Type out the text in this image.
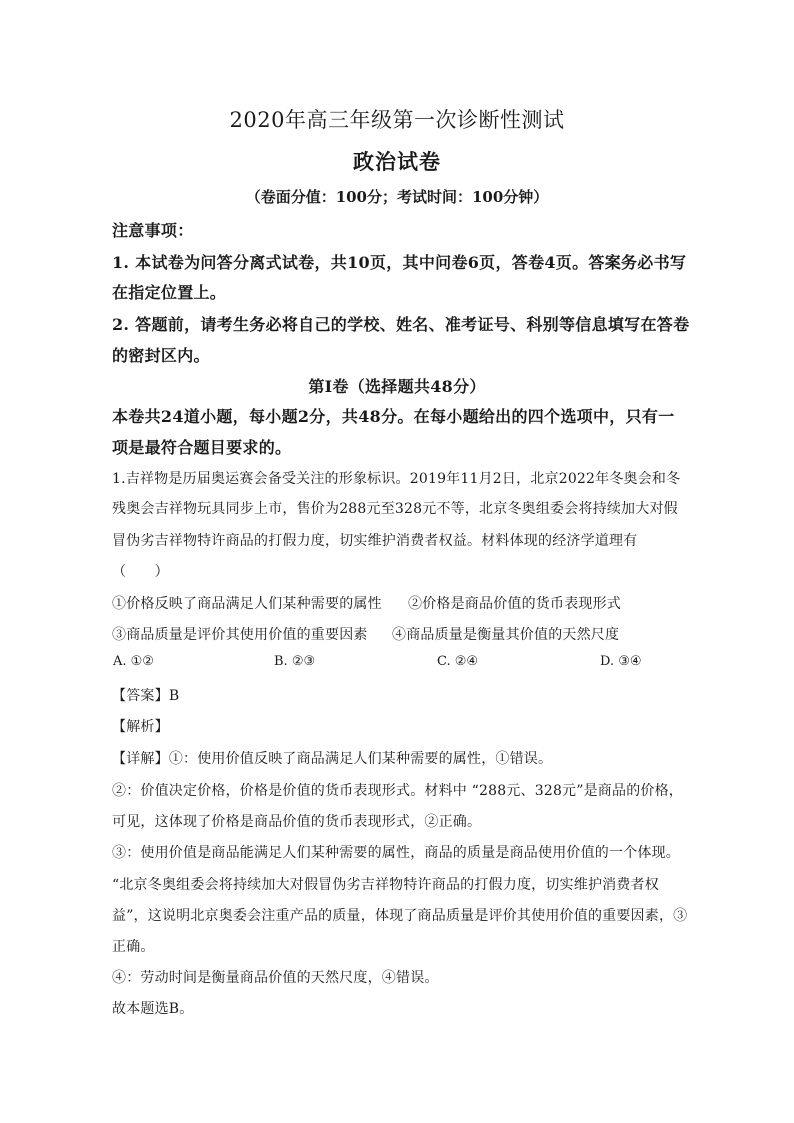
2020年高三年级第一次诊断性测试
政治试卷
（卷面分值：100分；考试时间：100分钟）
注意事项：
1. 本试卷为问答分离式试卷，共10页，其中问卷6页，答卷4页。答案务必书写
在指定位置上。
2. 答题前，请考生务必将自己的学校、姓名、准考证号、科别等信息填写在答卷
的密封区内。
第Ⅰ卷（选择题共48分）
本卷共24道小题，每小题2分，共48分。在每小题给出的四个选项中，只有一
项是最符合题目要求的。
1.吉祥物是历届奥运赛会备受关注的形象标识。2019年11月2日，北京2022年冬奥会和冬
残奥会吉祥物玩具同步上市，售价为288元至328元不等，北京冬奥组委会将持续加大对假
冒伪劣吉祥物特许商品的打假力度，切实维护消费者权益。材料体现的经济学道理有
（　　）
①价格反映了商品满足人们某种需要的属性 ②价格是商品价值的货币表现形式
③商品质量是评价其使用价值的重要因素 ④商品质量是衡量其价值的天然尺度
A. ①②	B. ②③	C. ②④	D. ③④
【答案】B
【解析】
【详解】①：使用价值反映了商品满足人们某种需要的属性，①错误。
②：价值决定价格，价格是价值的货币表现形式。材料中 “288元、328元”是商品的价格，
可见，这体现了价格是商品价值的货币表现形式，②正确。
③：使用价值是商品能满足人们某种需要的属性，商品的质量是商品使用价值的一个体现。
“北京冬奥组委会将持续加大对假冒伪劣吉祥物特许商品的打假力度，切实维护消费者权
益”，这说明北京奥委会注重产品的质量，体现了商品质量是评价其使用价值的重要因素，③
正确。
④：劳动时间是衡量商品价值的天然尺度，④错误。
故本题选B。
